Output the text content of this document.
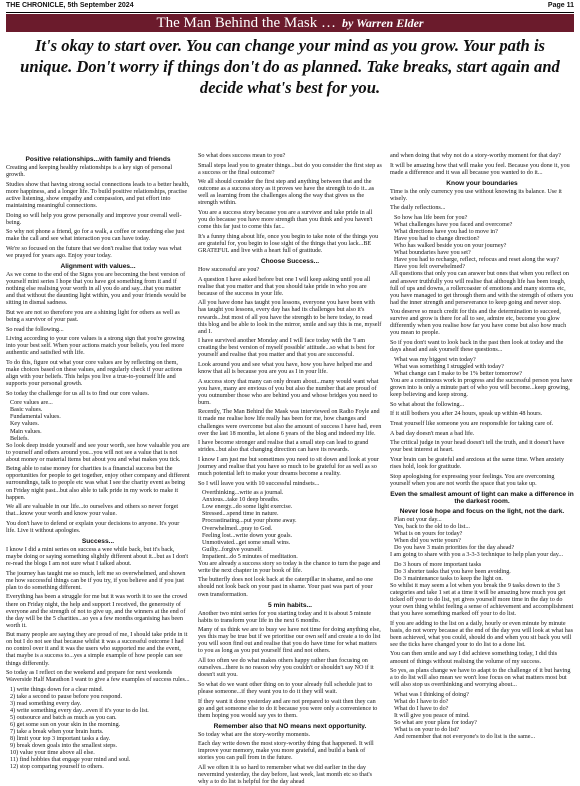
THE CHRONICLE, 5th September 2024	Page 11
The Man Behind the Mask … by Warren Elder
It's okay to start over. You can change your mind as you grow. Your path is unique. Don't worry if things don't do as planned. Take breaks, start again and decide what's best for you.

Positive relationships...with family and friends

Creating and keeping healthy relationships is a key sign of personal growth.

Studies show that having strong social connections leads to a better health, more happiness, and a longer life. To build positive relationships, practise active listening, show empathy and compassion, and put effort into maintaining meaningful connections.

Doing so will help you grow personally and improve your overall well-being.

So why not phone a friend, go for a walk, a coffee or something else just make the call and see what interaction you can have today.

We're so focused on the future that we don't realise that today was what we prayed for years ago. Enjoy your today.

Alignment with values...

As we come to the end of the Signs you are becoming the best version of yourself mini series I hope that you have got something from it and if nothing else realising your worth in all you do and say...that you matter and that without the daunting light within, you and your friends would be sitting in dismal sadness.

But we are not so therefore you are a shining light for others as well as being a survivor of your past.

So read the following...

Living according to your core values is a strong sign that you're growing into your best self. When your actions match your beliefs, you feel more authentic and satisfied with life.

To do this, figure out what your core values are by reflecting on them, make choices based on these values, and regularly check if your actions align with your beliefs. This helps you live a true-to-yourself life and supports your personal growth.

So today the challenge for us all is to find our core values.

Core values are...

Basic values.

Fundamental values.

Key values.

Main values.

Beliefs.

So look deep inside yourself and see your worth, see how valuable you are to yourself and others around you...you will not see a value that is not about money or material items but about you and what makes you tick.

Being able to raise money for charities is a financial success but the opportunities for people to get together, enjoy other company and different surroundings, talk to people etc was what I see the charity event as being on Friday night past...but also able to talk pride in my work to make it happen.

We all are valuable in our life...to ourselves and others so never forget that...know your worth and know your value.

You don't have to defend or explain your decisions to anyone. It's your life. Live it without apologies.

Success...

I know I did a mini series on success a wee while back, but it's back, maybe doing or saying something slightly different about it...but as I don't re-read the blogs I am not sure what I talked about.

The journey has taught me so much, left me so overwhelmed, and shown me how successful things can be if you try, if you believe and if you just plan to do something different.

Everything has been a struggle for me but it was worth it to see the crowd there on Friday night, the help and support I received, the generosity of everyone and the strength of not to give up, and the winners at the end of the day will be the 5 charities...so yes a few months organising has been worth it.

But many people are saying they are proud of me, I should take pride in it on but I do not see that because whilst it was a successful outcome I had no control over it and it was the users who supported me and the event, that maybe is a success to...yes a simple example of how people can see things differently.

So today as I reflect on the weekend and prepare for next weekends Waverside Half Marathon I want to give a few examples of success rules...

1) write things down for a clear mind.

2) take a second to pause before you respond.

3) read something every day.

4) write something every day...even if it's your to do list.

5) outsource and batch as much as you can.

6) get some sun on your skin in the morning.

7) take a break when your brain hurts.

8) limit your top 3 important tasks a day.

9) break down goals into the smallest steps.

10) value your time above all else.

11) find hobbies that engage your mind and soul.

12) stop comparing yourself to others.

So what does success mean to you?

Small steps lead you to greater things...but do you consider the first step as a success or the final outcome?

We all should consider the first step and anything between that and the outcome as a success story as it proves we have the strength to do it...as well as learning from the challenges along the way that gives us the strength within.

You are a success story because you are a survivor and take pride in all you do because you have more strength than you think and you haven't come this far just to come this far...

It's a funny thing about life, once you begin to take note of the things you are grateful for, you begin to lose sight of the things that you lack...BE GRATEFUL and live with a heart full of gratitude.

Choose Success...

How successful are you?

A question I have asked before but one I will keep asking until you all realise that you matter and that you should take pride in who you are because of the success in your life.

All you have done has taught you lessons, everyone you have been with has taught you lessons, every day has had its challenges but also it's rewards...but most of all you have the strength to be here today, to read this blog and be able to look in the mirror, smile and say this is me, myself and I.

I have survived another Monday and I will face today with the 'I am creating the best version of myself possible' attitude...so what is best for yourself and realise that you matter and that you are successful.

Look around you and see what you have, how you have helped me and know that all is because you are you as I in your life.

A success story that many can only dream about...many would want what you have, many are envious of you but also the number that are proud of you outnumber those who are behind you and whose bridges you need to burn.

Recently, The Man Behind the Mask was interviewed on Radio Foyle and it made me realise how life really has been for me, how changes and challenges were overcome but also the amount of success I have had, even over the last 18 months, let alone 6 years of the blog and indeed my life.

I have become stronger and realise that a small step can lead to grand strides...but also that changing direction can have its rewards.

I know I am just me but sometimes you need to sit down and look at your journey and realise that you have so much to be grateful for as well as so much potential left to make your dreams become a reality.

So I will leave you with 10 successful mindsets...

Overthinking...write as a journal.

Anxious...take 10 deep breaths.

Low energy...do some light exercise.

Stressed...spend time in nature.

Procrastinating...put your phone away.

Overwhelmed...pray to God.

Feeling lost...write down your goals.

Unmotivated...get some small wins.

Guilty...forgive yourself.

Impatient...do 5 minutes of meditation.

You are already a success story so today is the chance to turn the page and write the next chapter in your book of life.

The butterfly does not look back at the caterpillar in shame, and no one should not look back on your past in shame. Your past was part of your own transformation.

5 min habits...

Another two mini series for you starting today and it is about 5 minute habits to transform your life in the next 6 months.

Many of us think we are to busy we have not time for doing anything else, yes this may be true but if we prioritise our own self and create a to do list you will soon find out and realise that you do have time for what matters to you as long as you put yourself first and not others.

All too often we do what makes others happy rather than focusing on ourselves...there is no reason why you couldn't or shouldn't say NO if it doesn't suit you.

So what do we want other thing on to your already full schedule just to please someone...if they want you to do it they will wait.

If they want it done yesterday and are not prepared to wait then they can go and get someone else to do it because you were only a convenience to them hoping you would say yes to them.

Remember also that NO means next opportunity.

So today what are the story-worthy moments.

Each day write down the most story-worthy thing that happened. It will improve your memory, make you more grateful, and build a bank of stories you can pull from in the future.

All we often it is so hard to remember what we did earlier in the day nevermind yesterday, the day before, last week, last month etc so that's why a to do list is helpful for the day ahead

and when doing that why not do a story-worthy moment for that day?

It will be amazing how that will make you feel. Because you done it, you made a difference and it was all because you wanted to do it...

Know your boundaries

Time is the only currency you use without knowing its balance. Use it wisely.

The daily reflections...

So how has life been for you?

What challenges have you faced and overcome?

What directions have you had to move in?

Have you had to change direction?

Who has walked beside you on your journey?

What boundaries have you set?

Have you had to recharge, reflect, refocus and reset along the way?

Have you felt overwhelmed?

All questions that only you can answer but ones that when you reflect on and answer truthfully you will realise that although life has been tough, full of ups and downs, a rollercoaster of emotions and many storms etc, you have managed to get through them and with the strength of others you had the inner strength and perseverance to keep going and never stop.

You deserve so much credit for this and the determination to succeed, survive and grow is there for all to see, admire etc, become you glow differently when you realise how far you have come but also how much you mean to people.

So if you don't want to look back in the past then look at today and the days ahead and ask yourself these questions...

What was my biggest win today?

What was something I struggled with today?

What change can I make to be 1% better tomorrow?

You are a continuous work in progress and the successful person you have grown into is only a minute part of who you will become...keep growing, keep believing and keep strong.

So what about the following...

If it still bothers you after 24 hours, speak up within 48 hours.

Treat yourself like someone you are responsible for taking care of.

A bad day doesn't mean a bad life.

The critical judge in your head doesn't tell the truth, and it doesn't have your best interest at heart.

Your brain can be grateful and anxious at the same time. When anxiety rises hold, look for gratitude.

Stop apologising for expressing your feelings. You are overcoming yourself when you are not worth the space that you take up.

Even the smallest amount of light can make a difference in the darkest room.

Never lose hope and focus on the light, not the dark.

Plan out your day...

Yes, back to the old to do list...

What is on yours for today?

When did you write yours?

Do you have 3 main priorities for the day ahead?

I am going to share with you a 3-3-3 technique to help plan your day...

Do 3 hours of more important tasks

Do 3 shorter tasks that you have been avoiding.

Do 3 maintenance tasks to keep the light on.

So whilst it may seem a lot when you break the 9 tasks down to the 3 categories and take 1 set at a time it will be amazing how much you get ticked off your to do list, yet gives yourself more time in the day to do your own thing whilst feeling a sense of achievement and accomplishment that you have something marked off your to do list.

If you are adding to the list on a daily, hourly or even minute by minute basis, do not worry because at the end of the day you will look at what has been achieved, what you could, should do and when you sit back you will see the ticks have changed your to do list to a done list.

You can then smile and say I did achieve something today, I did this amount of things without realising the volume of my success.

So yes, as plans change we have to adapt to the challenge of it but having a to do list will also mean we won't lose focus on what matters most but will also stop us overthinking and worrying about...

What was I thinking of doing?

What do I have to do?

What do I have to do?

It will give you peace of mind.

So what are your plans for today?

What is on your to do list?

And remember that not everyone's to do list is the same...
